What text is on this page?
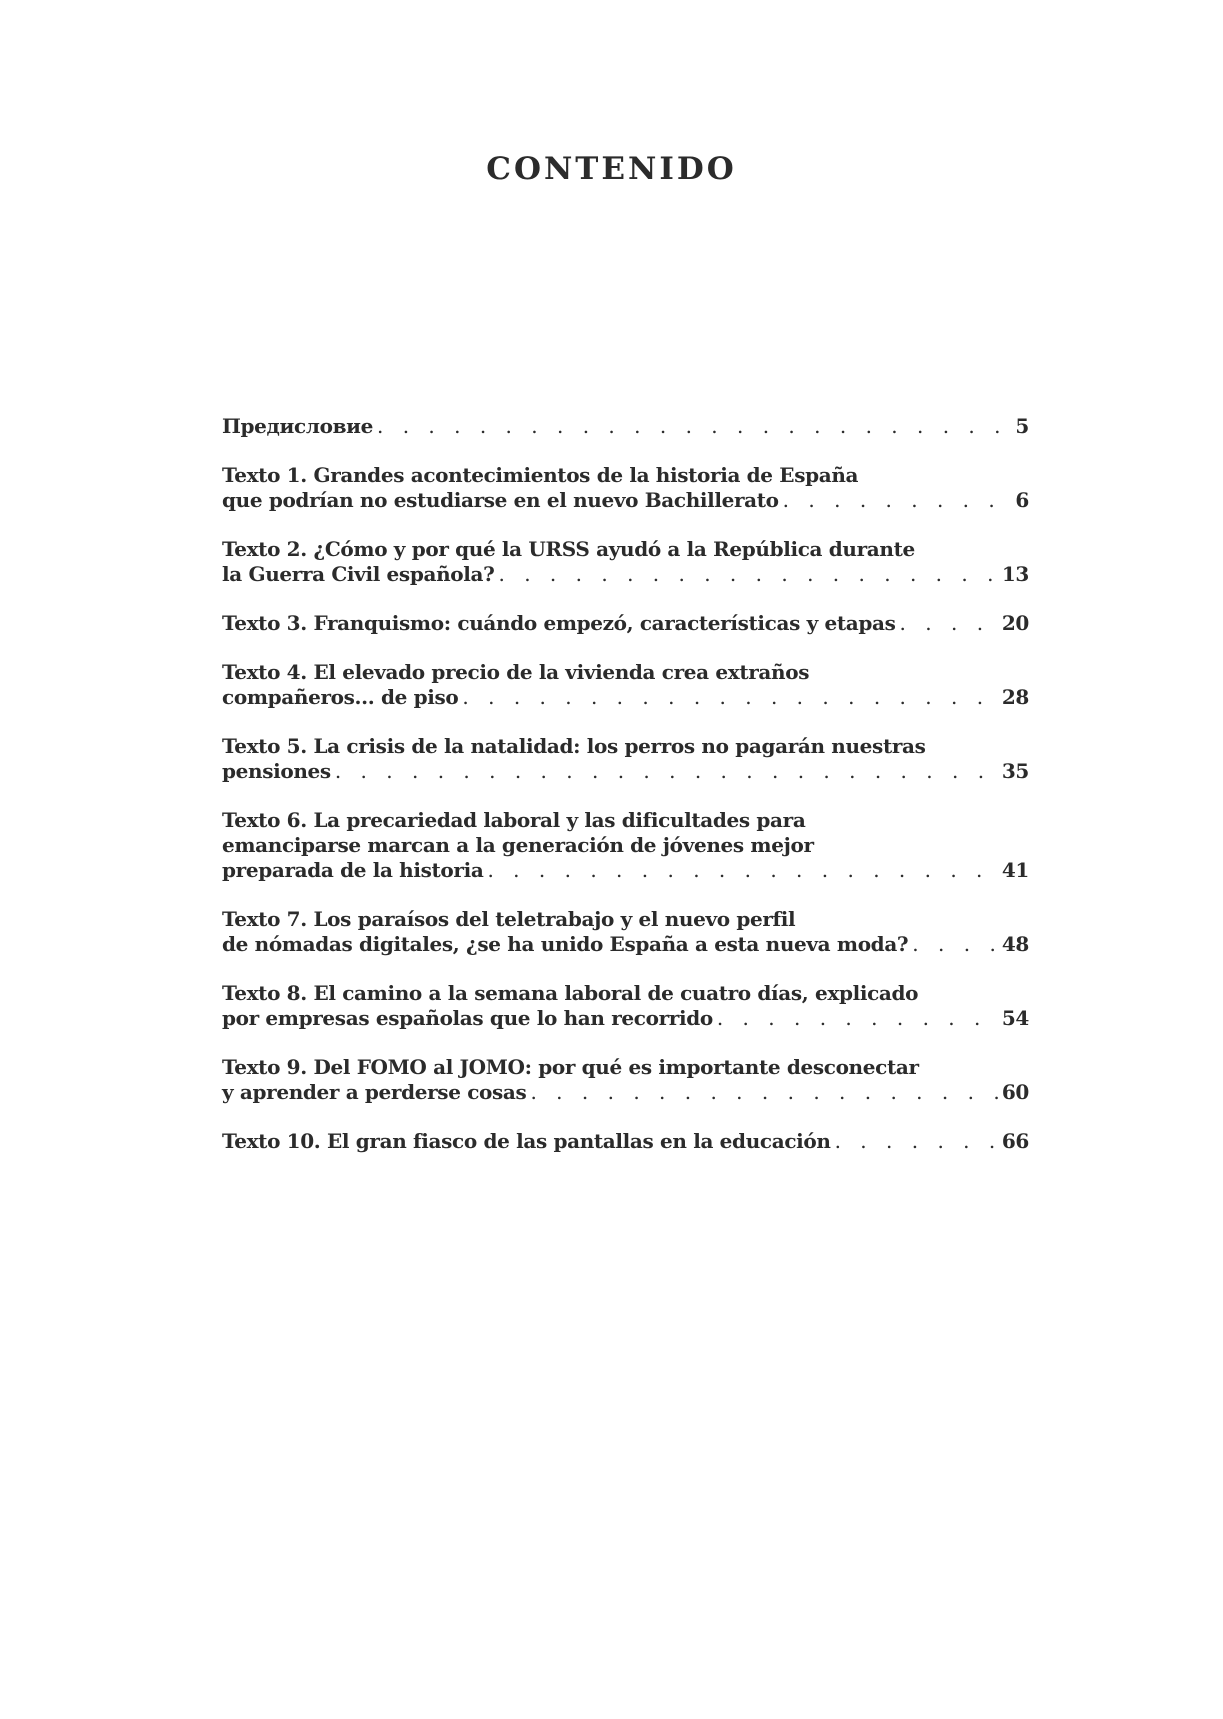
CONTENIDO
Предисловие . . .	5
Texto 1. Grandes acontecimientos de la historia de España
que podrían no estudiarse en el nuevo Bachillerato . . .	6
Texto 2. ¿Cómo y por qué la URSS ayudó a la República durante
la Guerra Civil española? . . .	13
Texto 3. Franquismo: cuándo empezó, características y etapas . . .	20
Texto 4. El elevado precio de la vivienda crea extraños
compañeros... de piso . . .	28
Texto 5. La crisis de la natalidad: los perros no pagarán nuestras
pensiones . . .	35
Texto 6. La precariedad laboral y las dificultades para
emanciparse marcan a la generación de jóvenes mejor
preparada de la historia . . .	41
Texto 7. Los paraísos del teletrabajo y el nuevo perfil
de nómadas digitales, ¿se ha unido España a esta nueva moda? . . .	48
Texto 8. El camino a la semana laboral de cuatro días, explicado
por empresas españolas que lo han recorrido . . .	54
Texto 9. Del FOMO al JOMO: por qué es importante desconectar
y aprender a perderse cosas . . .	60
Texto 10. El gran fiasco de las pantallas en la educación . . .	66
